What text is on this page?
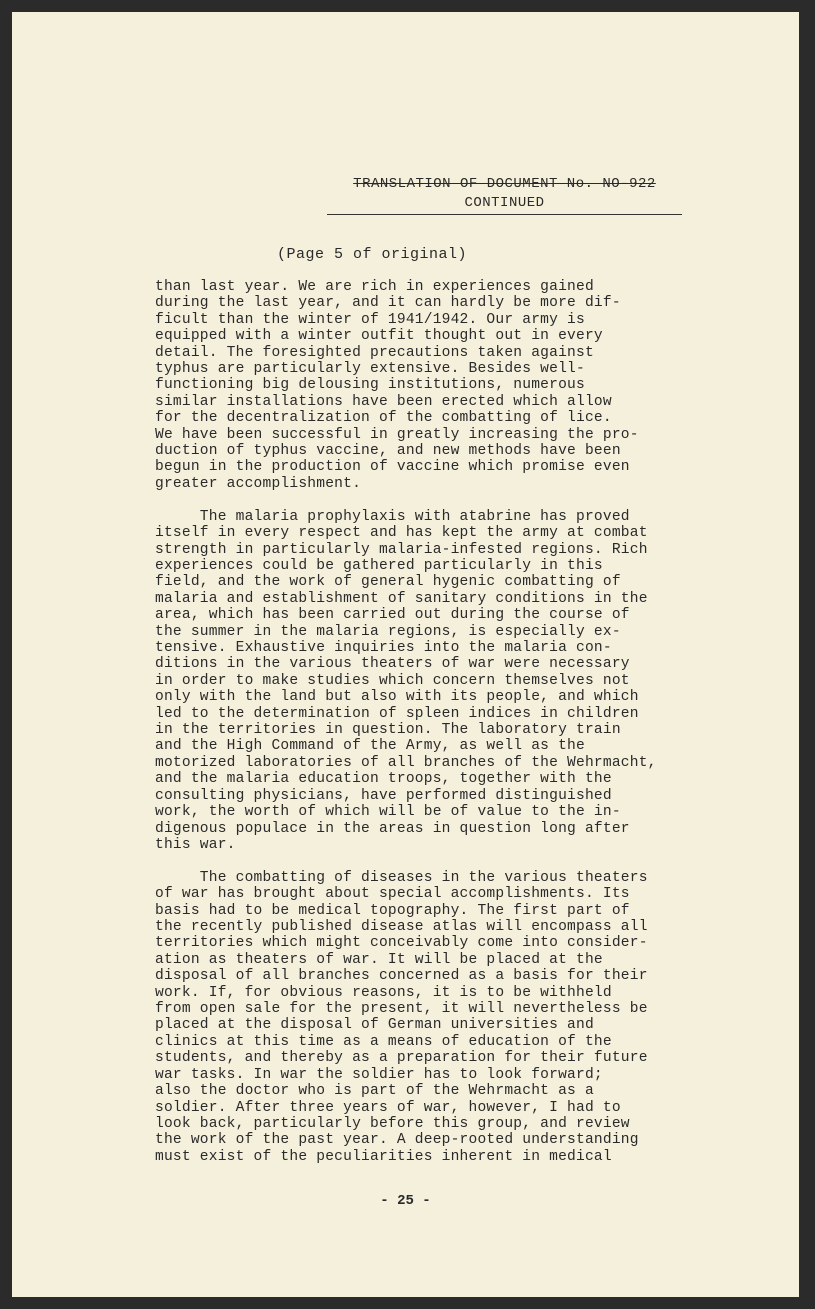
TRANSLATION OF DOCUMENT No. NO-922
CONTINUED
(Page 5 of original)
than last year. We are rich in experiences gained
during the last year, and it can hardly be more dif-
ficult than the winter of 1941/1942. Our army is
equipped with a winter outfit thought out in every
detail. The foresighted precautions taken against
typhus are particularly extensive. Besides well-
functioning big delousing institutions, numerous
similar installations have been erected which allow
for the decentralization of the combatting of lice.
We have been successful in greatly increasing the pro-
duction of typhus vaccine, and new methods have been
begun in the production of vaccine which promise even
greater accomplishment.
The malaria prophylaxis with atabrine has proved
itself in every respect and has kept the army at combat
strength in particularly malaria-infested regions. Rich
experiences could be gathered particularly in this
field, and the work of general hygenic combatting of
malaria and establishment of sanitary conditions in the
area, which has been carried out during the course of
the summer in the malaria regions, is especially ex-
tensive. Exhaustive inquiries into the malaria con-
ditions in the various theaters of war were necessary
in order to make studies which concern themselves not
only with the land but also with its people, and which
led to the determination of spleen indices in children
in the territories in question. The laboratory train
and the High Command of the Army, as well as the
motorized laboratories of all branches of the Wehrmacht,
and the malaria education troops, together with the
consulting physicians, have performed distinguished
work, the worth of which will be of value to the in-
digenous populace in the areas in question long after
this war.
The combatting of diseases in the various theaters
of war has brought about special accomplishments. Its
basis had to be medical topography. The first part of
the recently published disease atlas will encompass all
territories which might conceivably come into consider-
ation as theaters of war. It will be placed at the
disposal of all branches concerned as a basis for their
work. If, for obvious reasons, it is to be withheld
from open sale for the present, it will nevertheless be
placed at the disposal of German universities and
clinics at this time as a means of education of the
students, and thereby as a preparation for their future
war tasks. In war the soldier has to look forward;
also the doctor who is part of the Wehrmacht as a
soldier. After three years of war, however, I had to
look back, particularly before this group, and review
the work of the past year. A deep-rooted understanding
must exist of the peculiarities inherent in medical
- 25 -
